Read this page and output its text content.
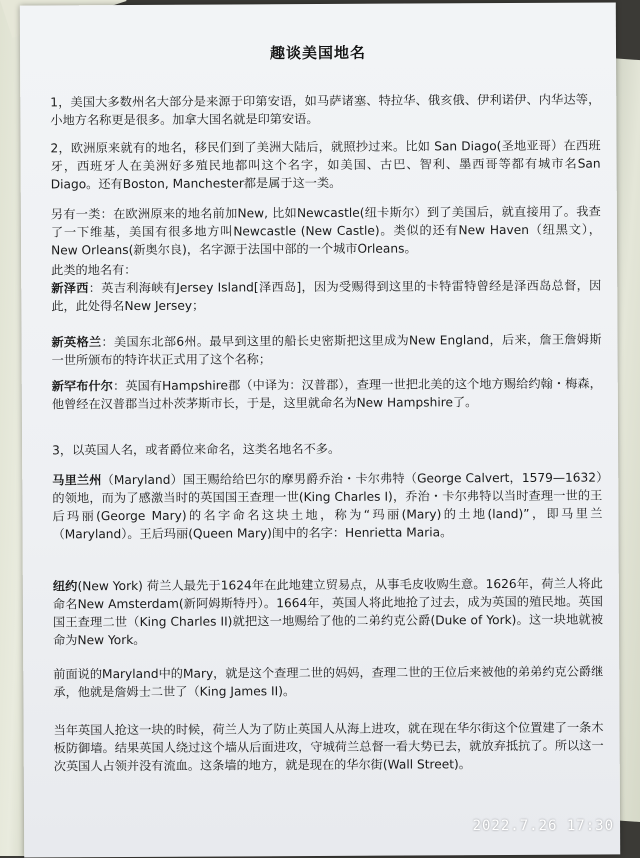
趣谈美国地名
1，美国大多数州名大部分是来源于印第安语，如马萨诸塞、特拉华、俄亥俄、伊利诺伊、内华达等，小地方名称更是很多。加拿大国名就是印第安语。
2，欧洲原来就有的地名，移民们到了美洲大陆后，就照抄过来。比如 San Diago(圣地亚哥）在西班牙，西班牙人在美洲好多殖民地都叫这个名字，如美国、古巴、智利、墨西哥等都有城市名San Diago。还有Boston, Manchester都是属于这一类。
另有一类：在欧洲原来的地名前加New, 比如Newcastle(纽卡斯尔）到了美国后，就直接用了。我查了一下维基，美国有很多地方叫Newcastle (New Castle)。类似的还有New Haven（纽黑文），New Orleans(新奥尔良)，名字源于法国中部的一个城市Orleans。
此类的地名有：
新泽西：英吉利海峡有Jersey Island[泽西岛]，因为受赐得到这里的卡特雷特曾经是泽西岛总督，因此，此处得名New Jersey；
新英格兰：美国东北部6州。最早到这里的船长史密斯把这里成为New England，后来，詹王詹姆斯一世所颁布的特许状正式用了这个名称；
新罕布什尔：英国有Hampshire郡（中译为：汉普郡），查理一世把北美的这个地方赐给约翰・梅森，他曾经在汉普郡当过朴茨茅斯市长，于是，这里就命名为New Hampshire了。
3，以英国人名，或者爵位来命名，这类名地名不多。
马里兰州（Maryland）国王赐给给巴尔的摩男爵乔治・卡尔弗特（George Calvert，1579—1632）的领地，而为了感激当时的英国国王查理一世(King Charles I)，乔治・卡尔弗特以当时查理一世的王后玛丽(George Mary)的名字命名这块土地，称为“玛丽(Mary)的土地(land)”，即马里兰（Maryland）。王后玛丽(Queen Mary)闺中的名字：Henrietta Maria。
纽约(New York) 荷兰人最先于1624年在此地建立贸易点，从事毛皮收购生意。1626年，荷兰人将此命名New Amsterdam(新阿姆斯特丹）。1664年，英国人将此地抢了过去，成为英国的殖民地。英国国王查理二世（King Charles II)就把这一地赐给了他的二弟约克公爵(Duke of York)。这一块地就被命为New York。
前面说的Maryland中的Mary，就是这个查理二世的妈妈，查理二世的王位后来被他的弟弟约克公爵继承，他就是詹姆士二世了（King James II)。
当年英国人抢这一块的时候，荷兰人为了防止英国人从海上进攻，就在现在华尔街这个位置建了一条木板防御墙。结果英国人绕过这个墙从后面进攻，守城荷兰总督一看大势已去，就放弃抵抗了。所以这一次英国人占领并没有流血。这条墙的地方，就是现在的华尔街(Wall Street)。
2022.7.26 17:30
